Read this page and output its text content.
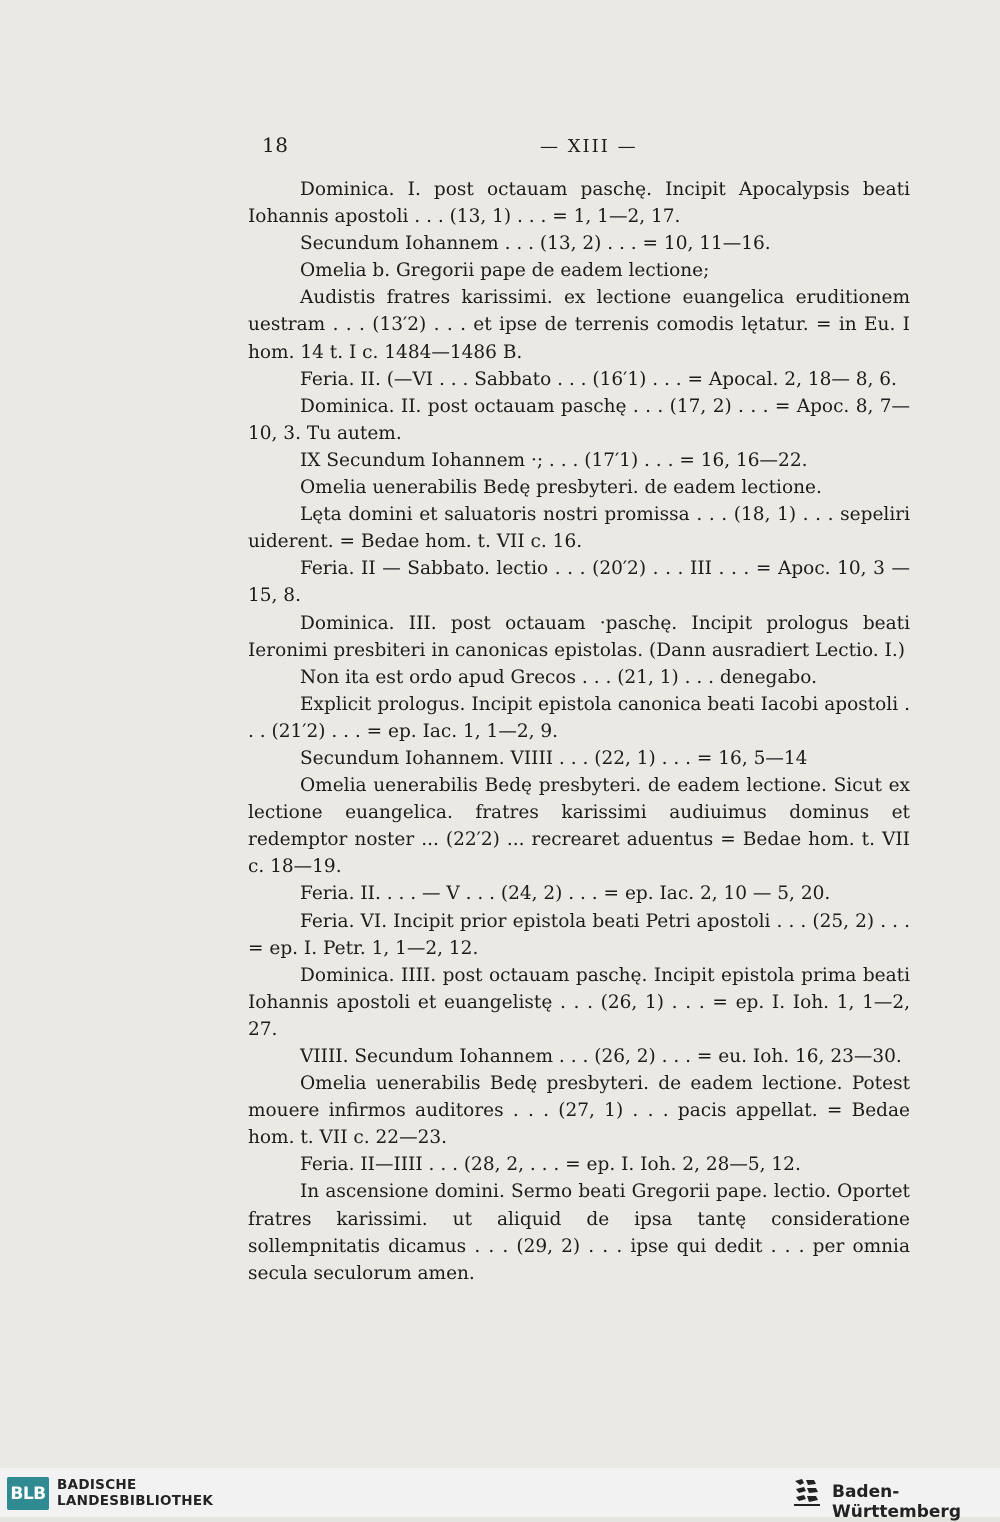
18	— XIII —

Dominica. I. post octauam paschę. Incipit Apocalypsis beati Iohannis apostoli . . . (13, 1) . . . = 1, 1—2, 17.

Secundum Iohannem . . . (13, 2) . . . = 10, 11—16.

Omelia b. Gregorii pape de eadem lectione;

Audistis fratres karissimi. ex lectione euangelica eruditionem uestram . . . (13′2) . . . et ipse de terrenis comodis lętatur. = in Eu. I hom. 14 t. I c. 1484—1486 B.

Feria. II. (—VI . . . Sabbato . . . (16′1) . . . = Apocal. 2, 18— 8, 6.

Dominica. II. post octauam paschę . . . (17, 2) . . . = Apoc. 8, 7— 10, 3. Tu autem.

IX Secundum Iohannem ·; . . . (17′1) . . . = 16, 16—22.

Omelia uenerabilis Bedę presbyteri. de eadem lectione.

Lęta domini et saluatoris nostri promissa . . . (18, 1) . . . sepeliri uiderent. = Bedae hom. t. VII c. 16.

Feria. II — Sabbato. lectio . . . (20′2) . . . III . . . = Apoc. 10, 3 —15, 8.

Dominica. III. post octauam ·paschę. Incipit prologus beati Ieronimi presbiteri in canonicas epistolas. (Dann ausradiert Lectio. I.)

Non ita est ordo apud Grecos . . . (21, 1) . . . denegabo.

Explicit prologus. Incipit epistola canonica beati Iacobi apostoli . . . (21′2) . . . = ep. Iac. 1, 1—2, 9.

Secundum Iohannem. VIIII . . . (22, 1) . . . = 16, 5—14

Omelia uenerabilis Bedę presbyteri. de eadem lectione. Sicut ex lectione euangelica. fratres karissimi audiuimus dominus et redemptor noster ... (22′2) ... recrearet aduentus = Bedae hom. t. VII c. 18—19.

Feria. II. . . . — V . . . (24, 2) . . . = ep. Iac. 2, 10 — 5, 20.

Feria. VI. Incipit prior epistola beati Petri apostoli . . . (25, 2) . . . = ep. I. Petr. 1, 1—2, 12.

Dominica. IIII. post octauam paschę. Incipit epistola prima beati Iohannis apostoli et euangelistę . . . (26, 1) . . . = ep. I. Ioh. 1, 1—2, 27.

VIIII. Secundum Iohannem . . . (26, 2) . . . = eu. Ioh. 16, 23—30.

Omelia uenerabilis Bedę presbyteri. de eadem lectione. Potest mouere infirmos auditores . . . (27, 1) . . . pacis appellat. = Bedae hom. t. VII c. 22—23.

Feria. II—IIII . . . (28, 2, . . . = ep. I. Ioh. 2, 28—5, 12.

In ascensione domini. Sermo beati Gregorii pape. lectio. Oportet fratres karissimi. ut aliquid de ipsa tantę consideratione sollempnitatis dicamus . . . (29, 2) . . . ipse qui dedit . . . per omnia secula seculorum amen.

BLB BADISCHE
LANDESBIBLIOTHEK	Baden-Württemberg
